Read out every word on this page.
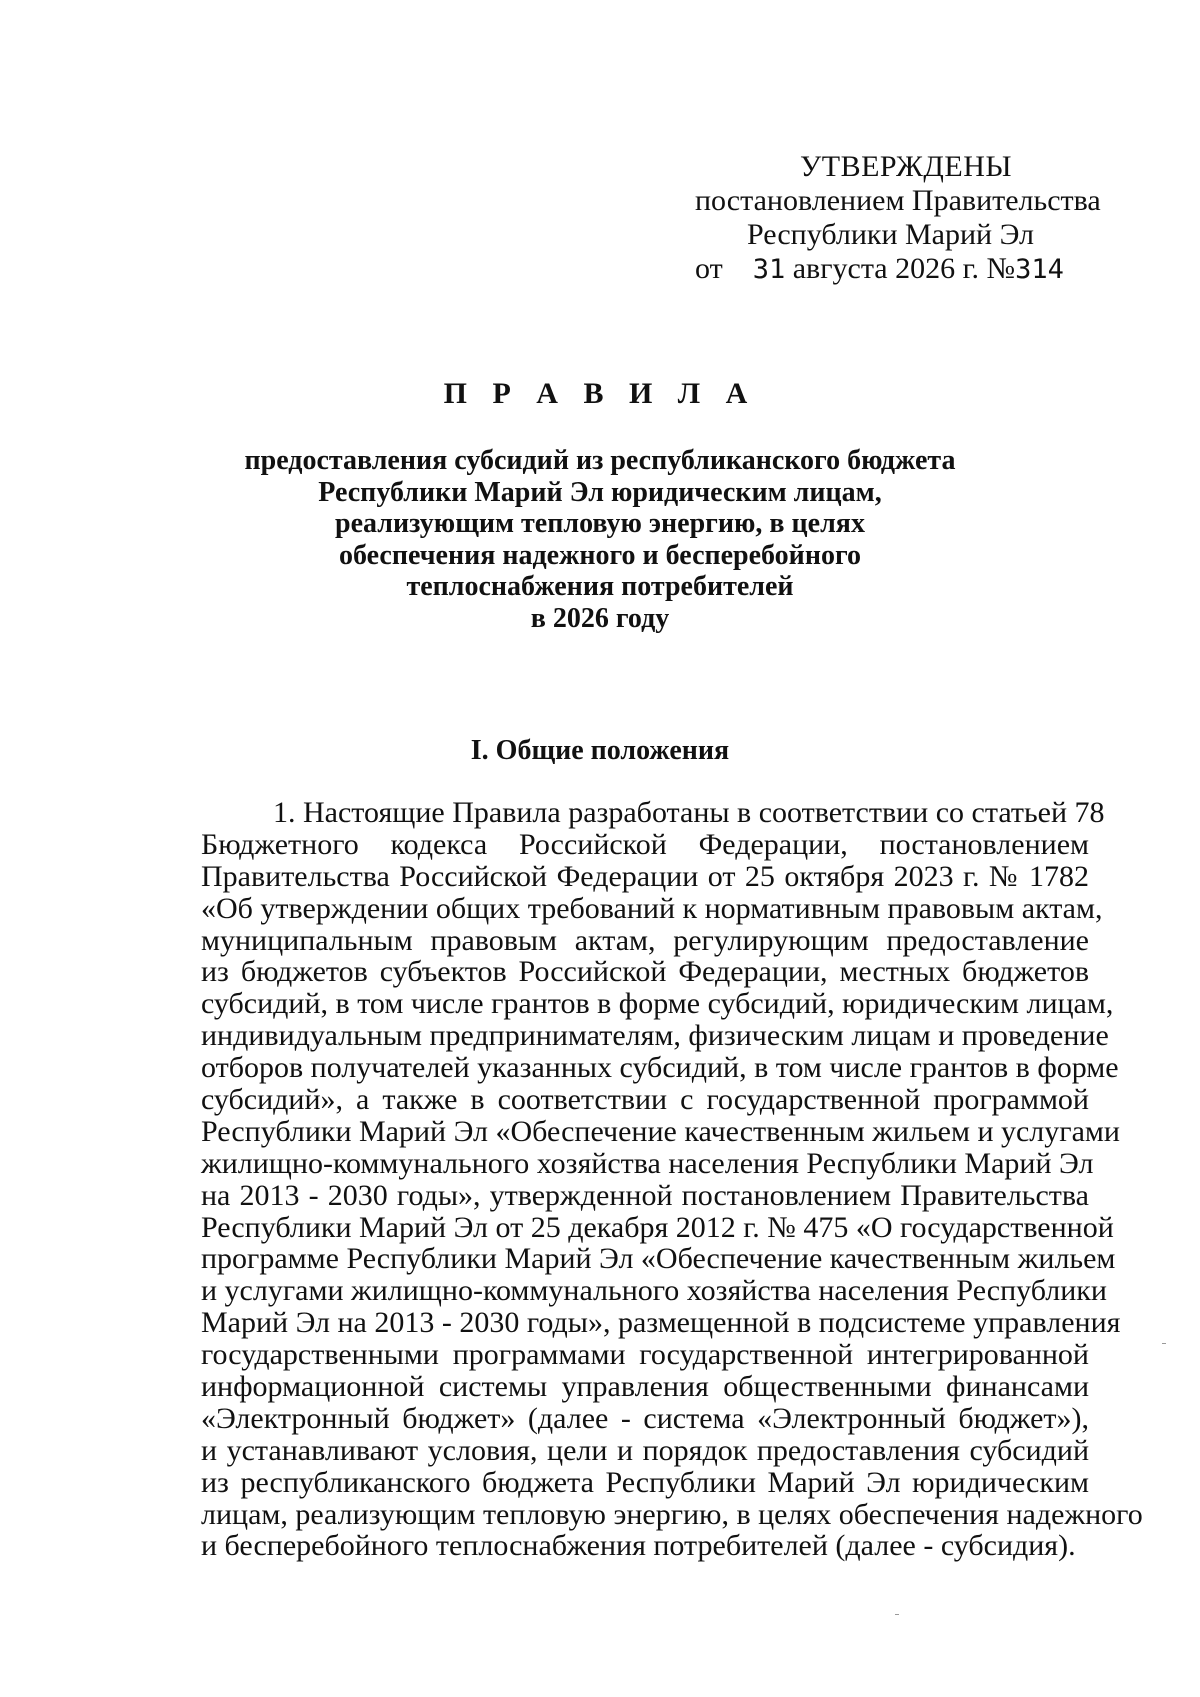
УТВЕРЖДЕНЫ
постановлением Правительства
Республики Марий Эл
от 31 августа 2026 г. №314
П Р А В И Л А
предоставления субсидий из республиканского бюджета
Республики Марий Эл юридическим лицам,
реализующим тепловую энергию, в целях
обеспечения надежного и бесперебойного
теплоснабжения потребителей
в 2026 году
I. Общие положения
1. Настоящие Правила разработаны в соответствии со статьей 78
Бюджетного кодекса Российской Федерации, постановлением
Правительства Российской Федерации от 25 октября 2023 г. № 1782
«Об утверждении общих требований к нормативным правовым актам,
муниципальным правовым актам, регулирующим предоставление
из бюджетов субъектов Российской Федерации, местных бюджетов
субсидий, в том числе грантов в форме субсидий, юридическим лицам,
индивидуальным предпринимателям, физическим лицам и проведение
отборов получателей указанных субсидий, в том числе грантов в форме
субсидий», а также в соответствии с государственной программой
Республики Марий Эл «Обеспечение качественным жильем и услугами
жилищно-коммунального хозяйства населения Республики Марий Эл
на 2013 - 2030 годы», утвержденной постановлением Правительства
Республики Марий Эл от 25 декабря 2012 г. № 475 «О государственной
программе Республики Марий Эл «Обеспечение качественным жильем
и услугами жилищно-коммунального хозяйства населения Республики
Марий Эл на 2013 - 2030 годы», размещенной в подсистеме управления
государственными программами государственной интегрированной
информационной системы управления общественными финансами
«Электронный бюджет» (далее - система «Электронный бюджет»),
и устанавливают условия, цели и порядок предоставления субсидий
из республиканского бюджета Республики Марий Эл юридическим
лицам, реализующим тепловую энергию, в целях обеспечения надежного
и бесперебойного теплоснабжения потребителей (далее - субсидия).
